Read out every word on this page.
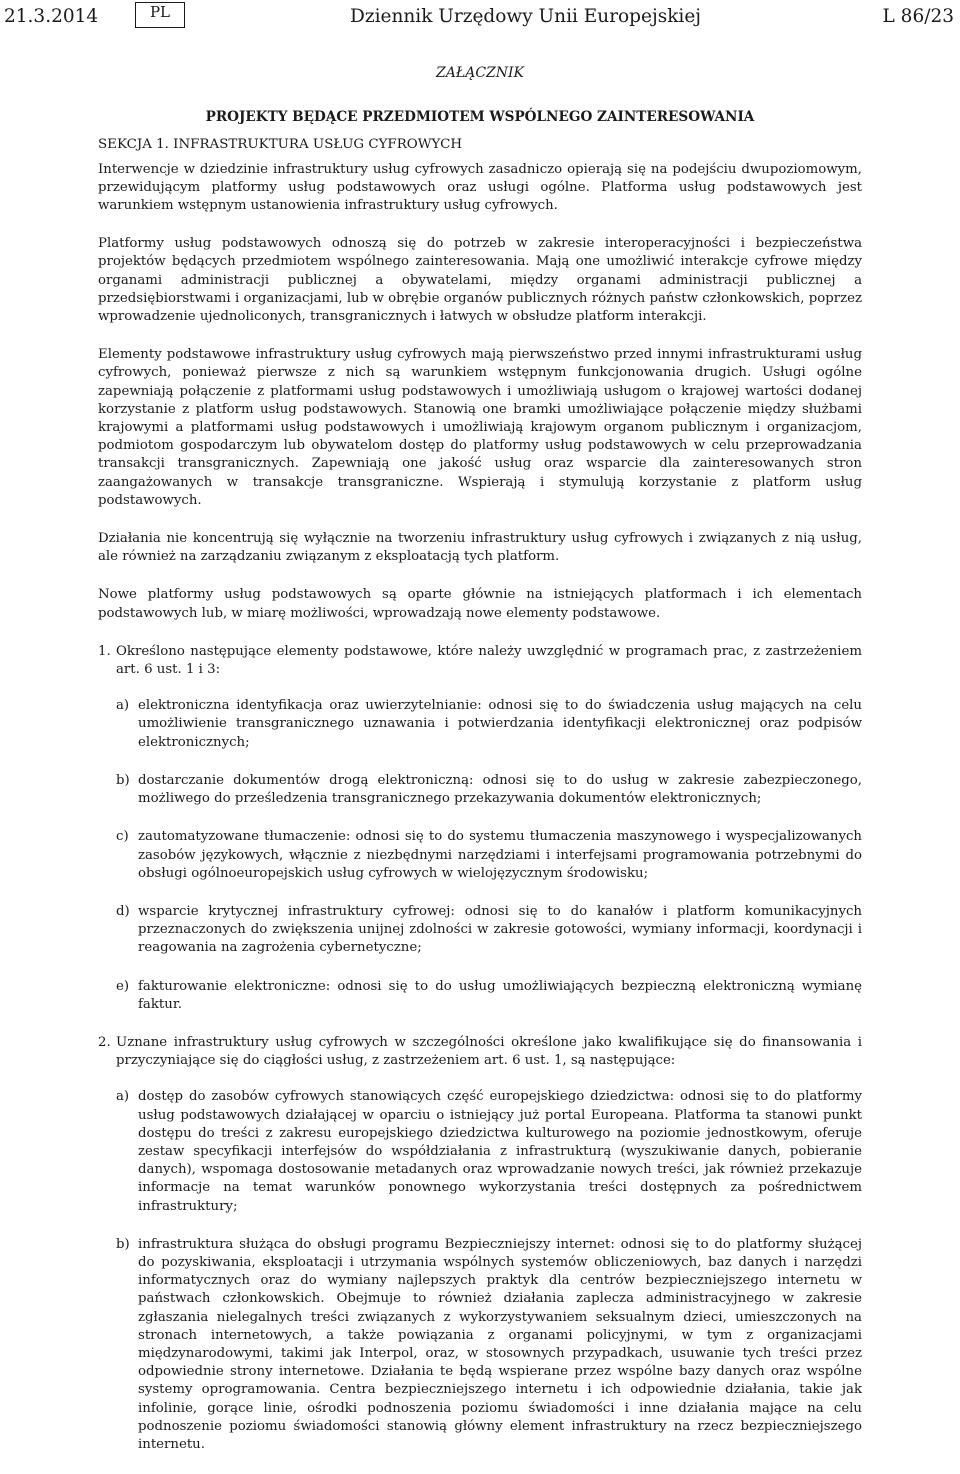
21.3.2014	PL	Dziennik Urzędowy Unii Europejskiej	L 86/23
ZAŁĄCZNIK
PROJEKTY BĘDĄCE PRZEDMIOTEM WSPÓLNEGO ZAINTERESOWANIA
SEKCJA 1. INFRASTRUKTURA USŁUG CYFROWYCH

Interwencje w dziedzinie infrastruktury usług cyfrowych zasadniczo opierają się na podejściu dwupoziomowym, przewidującym platformy usług podstawowych oraz usługi ogólne. Platforma usług podstawowych jest warunkiem wstępnym ustanowienia infrastruktury usług cyfrowych.

Platformy usług podstawowych odnoszą się do potrzeb w zakresie interoperacyjności i bezpieczeństwa projektów będących przedmiotem wspólnego zainteresowania. Mają one umożliwić interakcje cyfrowe między organami administracji publicznej a obywatelami, między organami administracji publicznej a przedsiębiorstwami i organizacjami, lub w obrębie organów publicznych różnych państw członkowskich, poprzez wprowadzenie ujednoliconych, transgranicznych i łatwych w obsłudze platform interakcji.

Elementy podstawowe infrastruktury usług cyfrowych mają pierwszeństwo przed innymi infrastrukturami usług cyfrowych, ponieważ pierwsze z nich są warunkiem wstępnym funkcjonowania drugich. Usługi ogólne zapewniają połączenie z platformami usług podstawowych i umożliwiają usługom o krajowej wartości dodanej korzystanie z platform usług podstawowych. Stanowią one bramki umożliwiające połączenie między służbami krajowymi a platformami usług podstawowych i umożliwiają krajowym organom publicznym i organizacjom, podmiotom gospodarczym lub obywatelom dostęp do platformy usług podstawowych w celu przeprowadzania transakcji transgranicznych. Zapewniają one jakość usług oraz wsparcie dla zainteresowanych stron zaangażowanych w transakcje transgraniczne. Wspierają i stymulują korzystanie z platform usług podstawowych.

Działania nie koncentrują się wyłącznie na tworzeniu infrastruktury usług cyfrowych i związanych z nią usług, ale również na zarządzaniu związanym z eksploatacją tych platform.

Nowe platformy usług podstawowych są oparte głównie na istniejących platformach i ich elementach podstawowych lub, w miarę możliwości, wprowadzają nowe elementy podstawowe.

1. Określono następujące elementy podstawowe, które należy uwzględnić w programach prac, z zastrzeżeniem art. 6 ust. 1 i 3:
a) elektroniczna identyfikacja oraz uwierzytelnianie: odnosi się to do świadczenia usług mających na celu umożliwienie transgranicznego uznawania i potwierdzania identyfikacji elektronicznej oraz podpisów elektronicznych;
b) dostarczanie dokumentów drogą elektroniczną: odnosi się to do usług w zakresie zabezpieczonego, możliwego do prześledzenia transgranicznego przekazywania dokumentów elektronicznych;
c) zautomatyzowane tłumaczenie: odnosi się to do systemu tłumaczenia maszynowego i wyspecjalizowanych zasobów językowych, włącznie z niezbędnymi narzędziami i interfejsami programowania potrzebnymi do obsługi ogólnoeuropejskich usług cyfrowych w wielojęzycznym środowisku;
d) wsparcie krytycznej infrastruktury cyfrowej: odnosi się to do kanałów i platform komunikacyjnych przeznaczonych do zwiększenia unijnej zdolności w zakresie gotowości, wymiany informacji, koordynacji i reagowania na zagrożenia cybernetyczne;
e) fakturowanie elektroniczne: odnosi się to do usług umożliwiających bezpieczną elektroniczną wymianę faktur.
2. Uznane infrastruktury usług cyfrowych w szczególności określone jako kwalifikujące się do finansowania i przyczyniające się do ciągłości usług, z zastrzeżeniem art. 6 ust. 1, są następujące:
a) dostęp do zasobów cyfrowych stanowiących część europejskiego dziedzictwa: odnosi się to do platformy usług podstawowych działającej w oparciu o istniejący już portal Europeana. Platforma ta stanowi punkt dostępu do treści z zakresu europejskiego dziedzictwa kulturowego na poziomie jednostkowym, oferuje zestaw specyfikacji interfejsów do współdziałania z infrastrukturą (wyszukiwanie danych, pobieranie danych), wspomaga dostosowanie metadanych oraz wprowadzanie nowych treści, jak również przekazuje informacje na temat warunków ponownego wykorzystania treści dostępnych za pośrednictwem infrastruktury;
b) infrastruktura służąca do obsługi programu Bezpieczniejszy internet: odnosi się to do platformy służącej do pozyskiwania, eksploatacji i utrzymania wspólnych systemów obliczeniowych, baz danych i narzędzi informatycznych oraz do wymiany najlepszych praktyk dla centrów bezpieczniejszego internetu w państwach członkowskich. Obejmuje to również działania zaplecza administracyjnego w zakresie zgłaszania nielegalnych treści związanych z wykorzystywaniem seksualnym dzieci, umieszczonych na stronach internetowych, a także powiązania z organami policyjnymi, w tym z organizacjami międzynarodowymi, takimi jak Interpol, oraz, w stosownych przypadkach, usuwanie tych treści przez odpowiednie strony internetowe. Działania te będą wspierane przez wspólne bazy danych oraz wspólne systemy oprogramowania. Centra bezpieczniejszego internetu i ich odpowiednie działania, takie jak infolinie, gorące linie, ośrodki podnoszenia poziomu świadomości i inne działania mające na celu podnoszenie poziomu świadomości stanowią główny element infrastruktury na rzecz bezpieczniejszego internetu.
